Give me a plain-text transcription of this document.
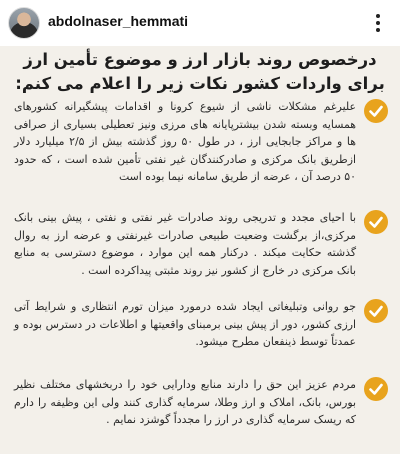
abdolnaser_hemmati
درخصوص روند بازار ارز و موضوع تأمین ارز برای واردات کشور نکات زیر را اعلام می کنم:
علیرغم مشکلات ناشی از شیوع کرونا و اقدامات پیشگیرانه کشورهای همسایه وبسته شدن بیشترپایانه های مرزی ونیز تعطیلی بسیاری از صرافی ها و مراکز جابجایی ارز ، در طول ۵۰ روز گذشته بیش از ۲/۵ میلیارد دلار ازطریق بانک مرکزی و صادرکنندگان غیر نفتی تأمین شده است ، که حدود ۵۰ درصد آن ، عرضه از طریق سامانه نیما بوده است
با احیای مجدد و تدریجی روند صادرات غیر نفتی و نفتی ، پیش بینی بانک مرکزی،از برگشت وضعیت طبیعی صادرات غیرنفتی و عرضه ارز به روال گذشته حکایت میکند . درکنار همه این موارد ، موضوع دسترسی به منابع بانک مرکزی در خارج از کشور نیز روند مثبتی پیداکرده است .
جو روانی وتبلیغاتی ایجاد شده درمورد میزان تورم انتظاری و شرایط آتی ارزی کشور، دور از پیش بینی برمبنای واقعیتها و اطلاعات در دسترس بوده و عمدتاً توسط ذینفعان مطرح میشود.
مردم عزیز این حق را دارند منابع ودارایی خود را دربخشهای مختلف نظیر بورس، بانک، املاک و ارز وطلا، سرمایه گذاری کنند ولی این وظیفه را دارم که ریسک سرمایه گذاری در ارز را مجدداً گوشزد نمایم .
